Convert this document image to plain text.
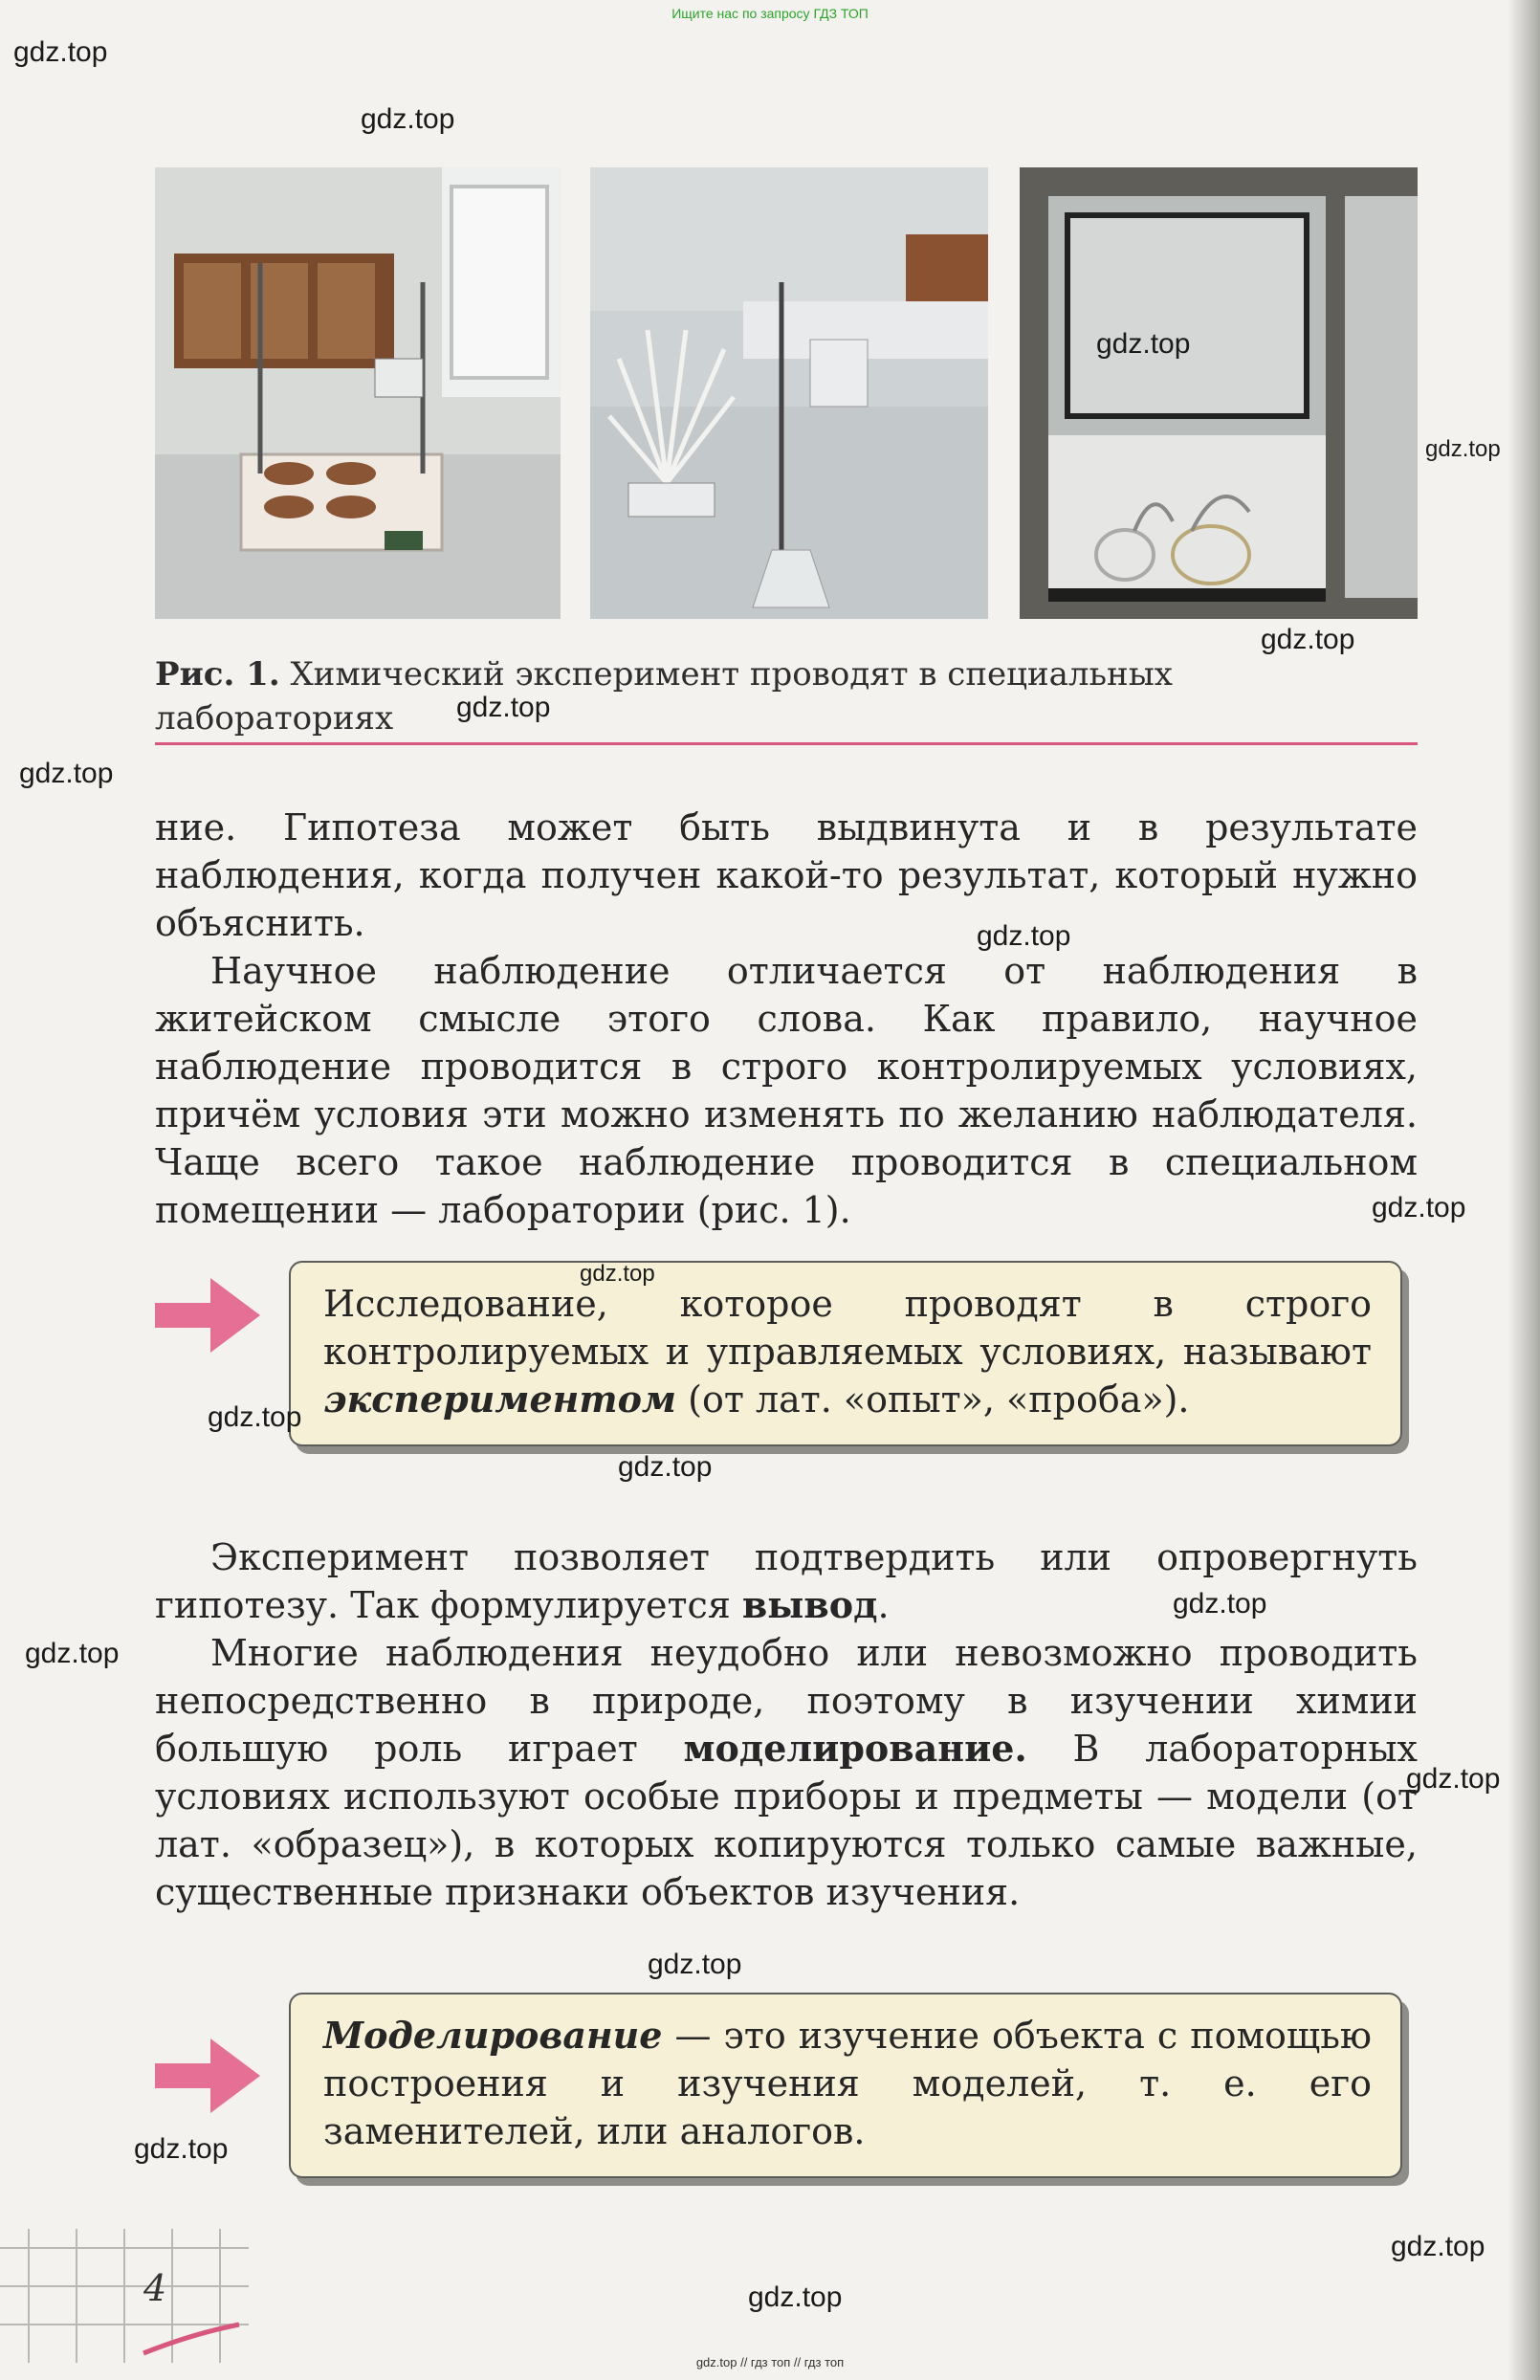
Ищите нас по запросу ГДЗ ТОП
Рис. 1. Химический эксперимент проводят в специальных лабораториях

ние. Гипотеза может быть выдвинута и в результате наблюдения, когда получен какой-то результат, который нужно объяснить.

Научное наблюдение отличается от наблюдения в житейском смысле этого слова. Как правило, научное наблюдение проводится в строго контролируемых условиях, причём условия эти можно изменять по желанию наблюдателя. Чаще всего такое наблюдение проводится в специальном помещении — лаборатории (рис. 1).

Исследование, которое проводят в строго контролируемых и управляемых условиях, называют экспериментом (от лат. «опыт», «проба»).

Эксперимент позволяет подтвердить или опровергнуть гипотезу. Так формулируется вывод.

Многие наблюдения неудобно или невозможно проводить непосредственно в природе, поэтому в изучении химии большую роль играет моделирование. В лабораторных условиях используют особые приборы и предметы — модели (от лат. «образец»), в которых копируются только самые важные, существенные признаки объектов изучения.

Моделирование — это изучение объекта с помощью построения и изучения моделей, т. е. его заменителей, или аналогов.
4
gdz.top
gdz.top
gdz.top
gdz.top
gdz.top
gdz.top
gdz.top
gdz.top
gdz.top
gdz.top
gdz.top
gdz.top
gdz.top
gdz.top
gdz.top
gdz.top
gdz.top
gdz.top
gdz.top
gdz.top // гдз топ // гдз топ
